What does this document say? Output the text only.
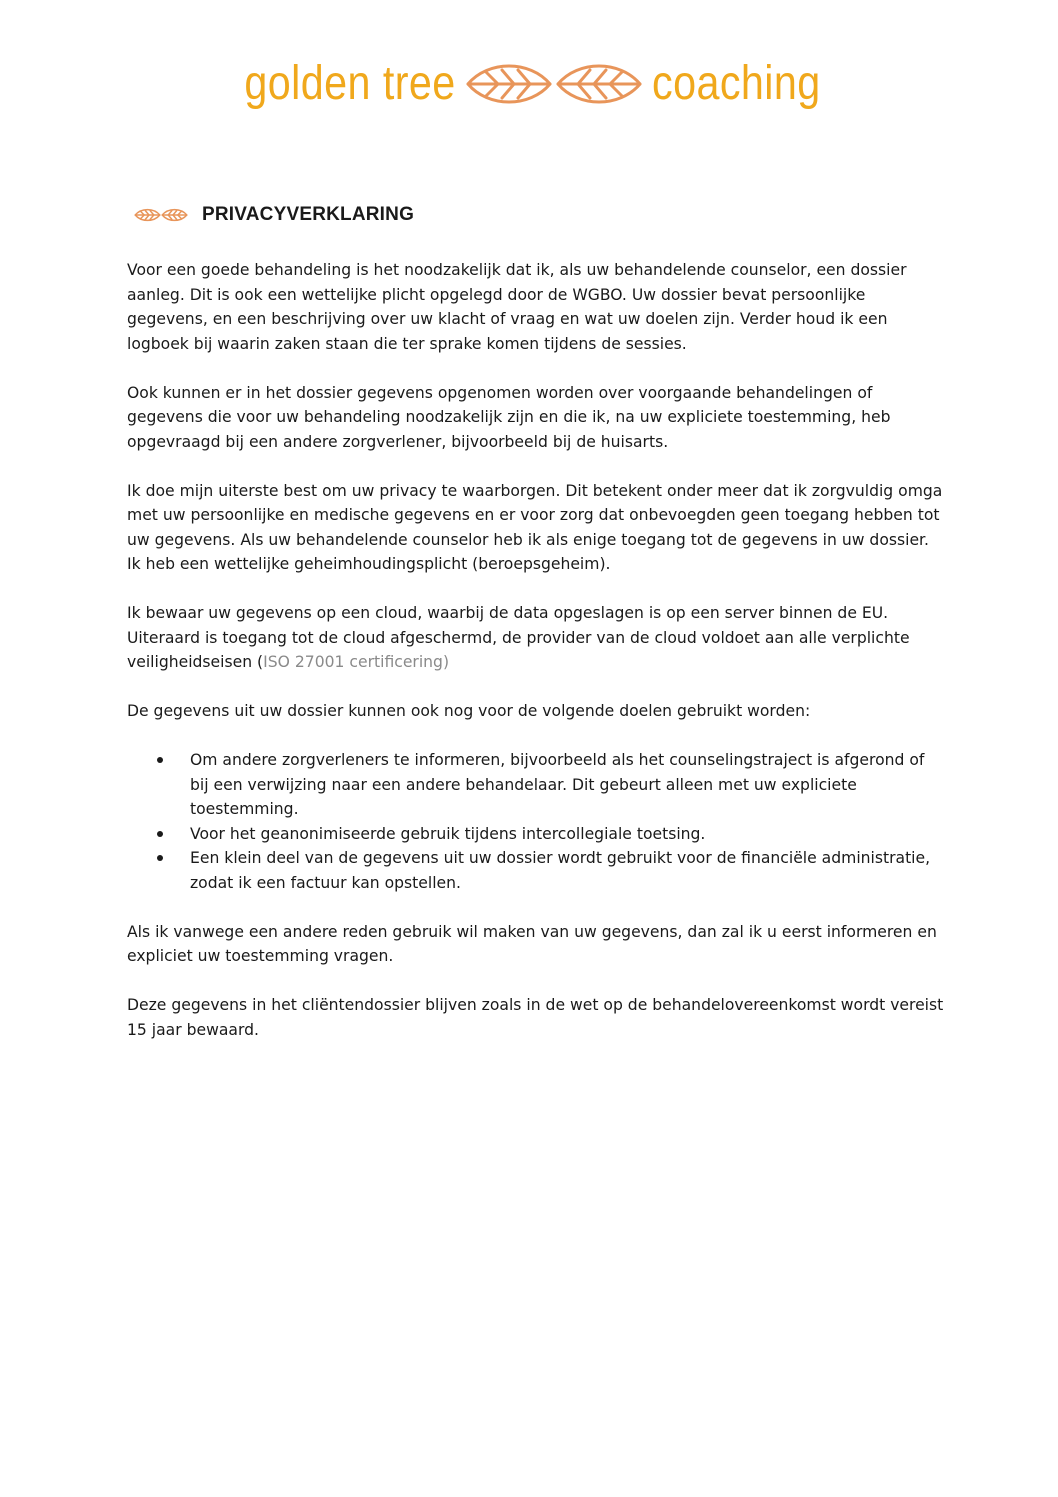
golden tree	coaching
PRIVACYVERKLARING

Voor een goede behandeling is het noodzakelijk dat ik, als uw behandelende counselor, een dossier aanleg. Dit is ook een wettelijke plicht opgelegd door de WGBO. Uw dossier bevat persoonlijke gegevens, en een beschrijving over uw klacht of vraag en wat uw doelen zijn. Verder houd ik een logboek bij waarin zaken staan die ter sprake komen tijdens de sessies.

Ook kunnen er in het dossier gegevens opgenomen worden over voorgaande behandelingen of gegevens die voor uw behandeling noodzakelijk zijn en die ik, na uw expliciete toestemming, heb opgevraagd bij een andere zorgverlener, bijvoorbeeld bij de huisarts.

Ik doe mijn uiterste best om uw privacy te waarborgen. Dit betekent onder meer dat ik zorgvuldig omga met uw persoonlijke en medische gegevens en er voor zorg dat onbevoegden geen toegang hebben tot uw gegevens. Als uw behandelende counselor heb ik als enige toegang tot de gegevens in uw dossier. Ik heb een wettelijke geheimhoudingsplicht (beroepsgeheim).

Ik bewaar uw gegevens op een cloud, waarbij de data opgeslagen is op een server binnen de EU. Uiteraard is toegang tot de cloud afgeschermd, de provider van de cloud voldoet aan alle verplichte veiligheidseisen (ISO 27001 certificering)

De gegevens uit uw dossier kunnen ook nog voor de volgende doelen gebruikt worden:

Om andere zorgverleners te informeren, bijvoorbeeld als het counselingstraject is afgerond of bij een verwijzing naar een andere behandelaar. Dit gebeurt alleen met uw expliciete toestemming.
Voor het geanonimiseerde gebruik tijdens intercollegiale toetsing.
Een klein deel van de gegevens uit uw dossier wordt gebruikt voor de financiële administratie, zodat ik een factuur kan opstellen.

Als ik vanwege een andere reden gebruik wil maken van uw gegevens, dan zal ik u eerst informeren en expliciet uw toestemming vragen.

Deze gegevens in het cliëntendossier blijven zoals in de wet op de behandelovereenkomst wordt vereist 15 jaar bewaard.
